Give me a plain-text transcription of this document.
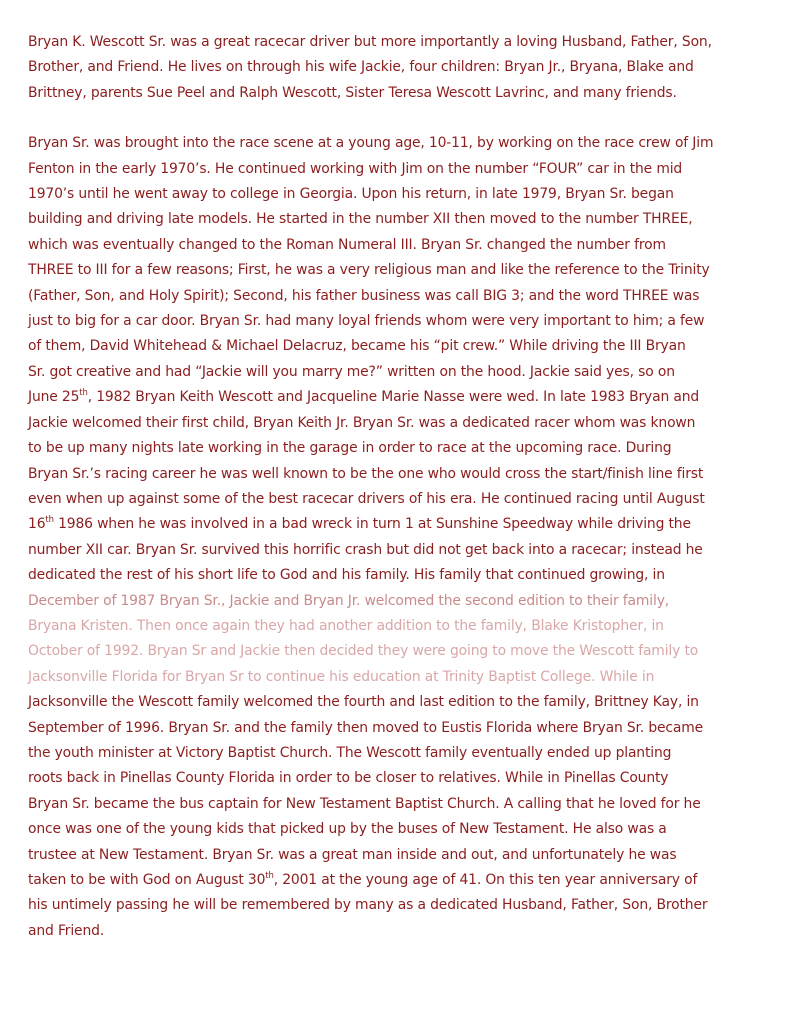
Bryan K. Wescott Sr. was a great racecar driver but more importantly a loving Husband, Father, Son,
Brother, and Friend. He lives on through his wife Jackie, four children: Bryan Jr., Bryana, Blake and
Brittney, parents Sue Peel and Ralph Wescott, Sister Teresa Wescott Lavrinc, and many friends.

Bryan Sr. was brought into the race scene at a young age, 10-11, by working on the race crew of Jim
Fenton in the early 1970’s. He continued working with Jim on the number “FOUR” car in the mid
1970’s until he went away to college in Georgia. Upon his return, in late 1979, Bryan Sr. began
building and driving late models. He started in the number XII then moved to the number THREE,
which was eventually changed to the Roman Numeral III. Bryan Sr. changed the number from
THREE to III for a few reasons; First, he was a very religious man and like the reference to the Trinity
(Father, Son, and Holy Spirit); Second, his father business was call BIG 3; and the word THREE was
just to big for a car door. Bryan Sr. had many loyal friends whom were very important to him; a few
of them, David Whitehead & Michael Delacruz, became his “pit crew.” While driving the III Bryan
Sr. got creative and had “Jackie will you marry me?” written on the hood. Jackie said yes, so on
June 25th, 1982 Bryan Keith Wescott and Jacqueline Marie Nasse were wed. In late 1983 Bryan and
Jackie welcomed their first child, Bryan Keith Jr. Bryan Sr. was a dedicated racer whom was known
to be up many nights late working in the garage in order to race at the upcoming race. During
Bryan Sr.’s racing career he was well known to be the one who would cross the start/finish line first
even when up against some of the best racecar drivers of his era. He continued racing until August
16th 1986 when he was involved in a bad wreck in turn 1 at Sunshine Speedway while driving the
number XII car. Bryan Sr. survived this horrific crash but did not get back into a racecar; instead he
dedicated the rest of his short life to God and his family. His family that continued growing, in
December of 1987 Bryan Sr., Jackie and Bryan Jr. welcomed the second edition to their family,
Bryana Kristen. Then once again they had another addition to the family, Blake Kristopher, in
October of 1992. Bryan Sr and Jackie then decided they were going to move the Wescott family to
Jacksonville Florida for Bryan Sr to continue his education at Trinity Baptist College. While in
Jacksonville the Wescott family welcomed the fourth and last edition to the family, Brittney Kay, in
September of 1996. Bryan Sr. and the family then moved to Eustis Florida where Bryan Sr. became
the youth minister at Victory Baptist Church. The Wescott family eventually ended up planting
roots back in Pinellas County Florida in order to be closer to relatives. While in Pinellas County
Bryan Sr. became the bus captain for New Testament Baptist Church. A calling that he loved for he
once was one of the young kids that picked up by the buses of New Testament. He also was a
trustee at New Testament. Bryan Sr. was a great man inside and out, and unfortunately he was
taken to be with God on August 30th, 2001 at the young age of 41. On this ten year anniversary of
his untimely passing he will be remembered by many as a dedicated Husband, Father, Son, Brother
and Friend.
